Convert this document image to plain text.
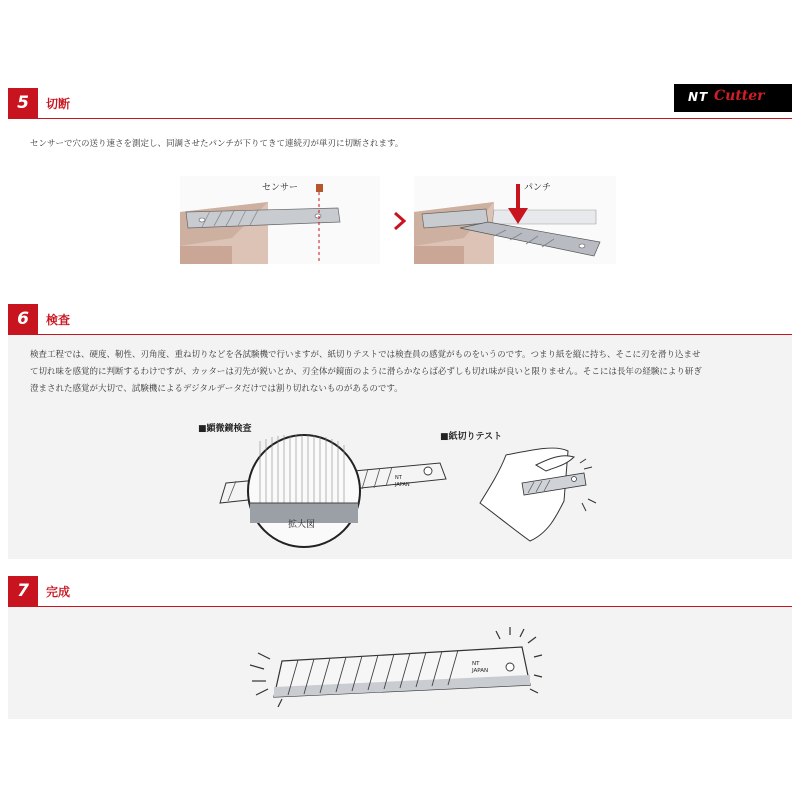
NT Cutter
5	切断
センサーで穴の送り速さを測定し、同調させたパンチが下りてきて連続刃が単刃に切断されます。
センサー	パンチ
6	検査
検査工程では、硬度、靭性、刃角度、重ね切りなどを各試験機で行いますが、紙切りテストでは検査員の感覚がものをいうのです。つまり紙を縦に持ち、そこに刃を滑り込ませ
て切れ味を感覚的に判断するわけですが、カッターは刃先が鋭いとか、刃全体が鏡面のように滑らかならば必ずしも切れ味が良いと限りません。そこには長年の経験により研ぎ
澄まされた感覚が大切で、試験機によるデジタルデータだけでは割り切れないものがあるのです。
■顕微鏡検査
■紙切りテスト
NT
JAPAN
拡大図
7	完成
NT
JAPAN
